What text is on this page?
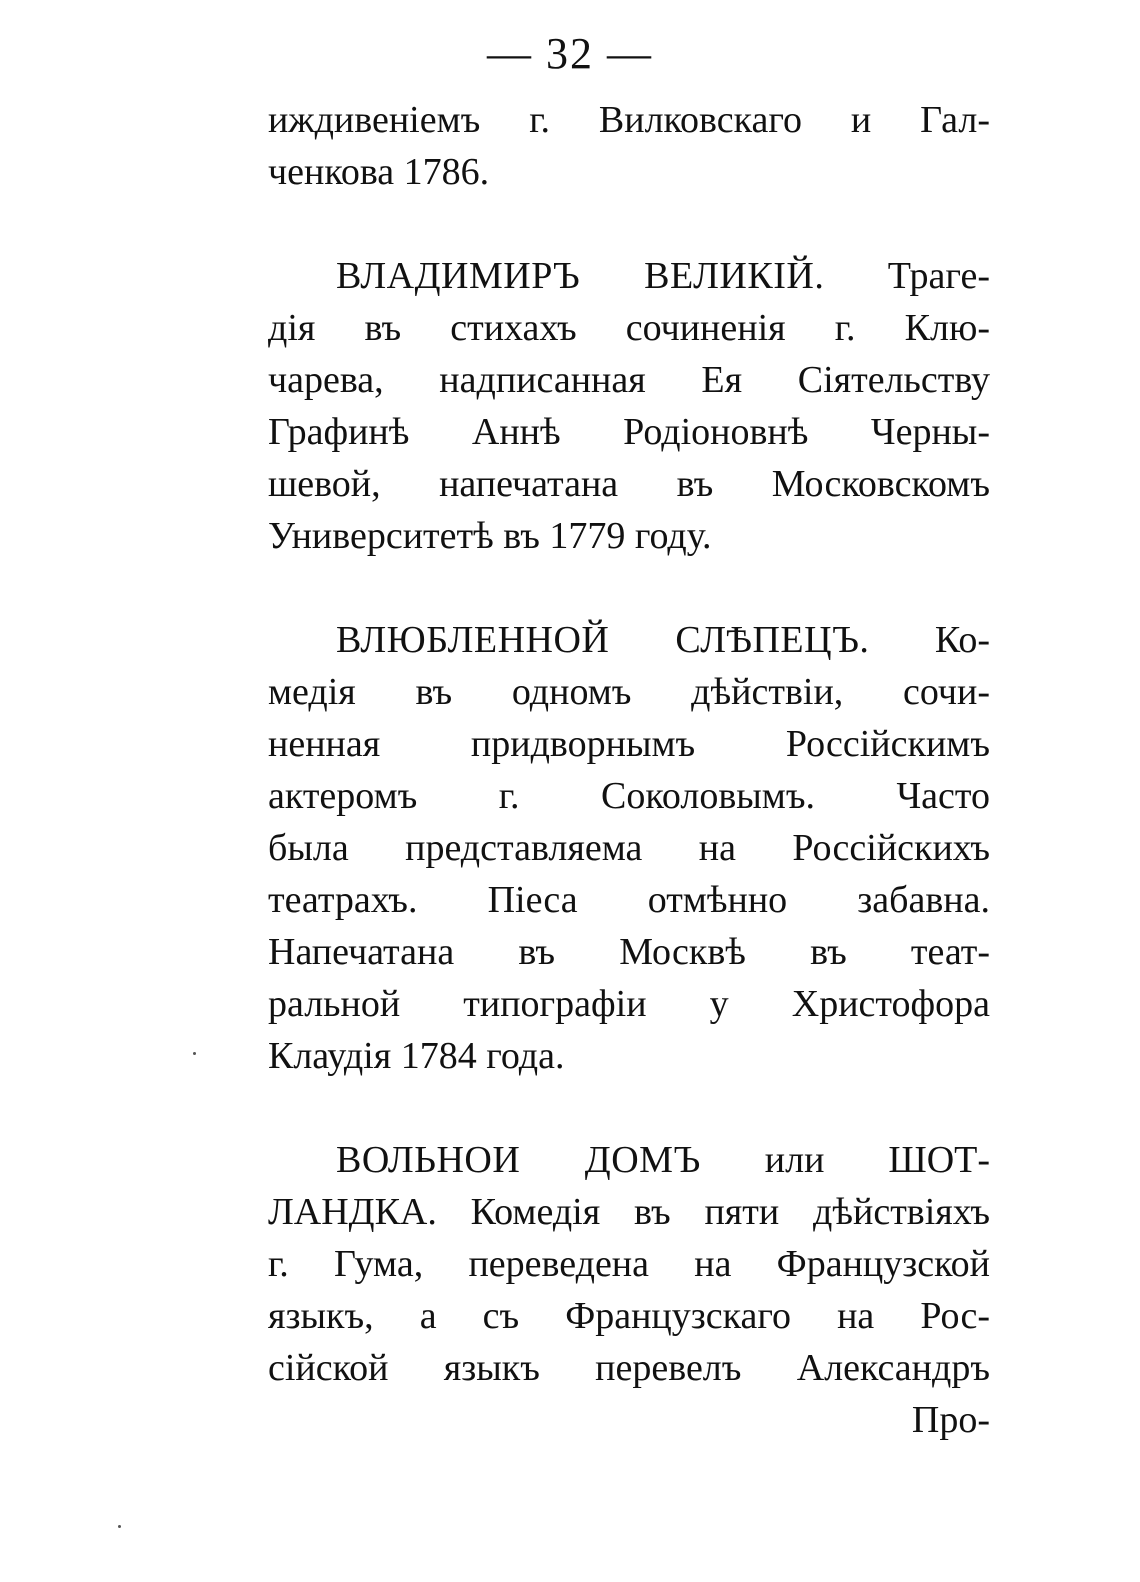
— 32 —
иждивеніемъ г. Вилковскаго и Гал-
ченкова 1786.
ВЛАДИМИРЪ ВЕЛИКІЙ. Траге-
дія въ стихахъ сочиненія г. Клю-
чарева, надписанная Ея Сіятельству
Графинѣ Аннѣ Родіоновнѣ Черны-
шевой, напечатана въ Московскомъ
Университетѣ въ 1779 году.
ВЛЮБЛЕННОЙ СЛѢПЕЦЪ. Ко-
медія въ одномъ дѣйствіи, сочи-
ненная придворнымъ Россійскимъ
актеромъ г. Соколовымъ. Часто
была представляема на Россійскихъ
театрахъ. Піеса отмѣнно забавна.
Напечатана въ Москвѣ въ теат-
ральной типографіи у Христофора
Клаудія 1784 года.
ВОЛЬНОИ ДОМЪ или ШОТ-
ЛАНДКА. Комедія въ пяти дѣйствіяхъ
г. Гума, переведена на Французской
языкъ, а съ Французскаго на Рос-
сійской языкъ перевелъ Александръ
Про-
